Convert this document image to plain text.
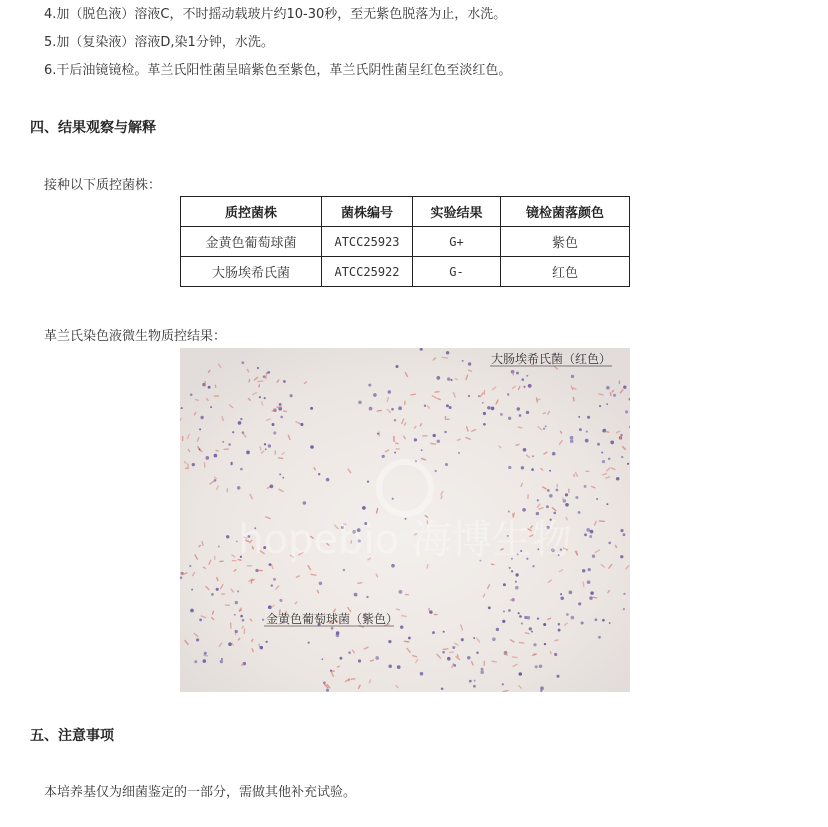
4.加（脱色液）溶液C，不时摇动载玻片约10-30秒，至无紫色脱落为止，水洗。
5.加（复染液）溶液D,染1分钟，水洗。
6.干后油镜镜检。革兰氏阳性菌呈暗紫色至紫色，革兰氏阴性菌呈红色至淡红色。
四、结果观察与解释
接种以下质控菌株：
质控菌株	菌株编号	实验结果	镜检菌落颜色
金黄色葡萄球菌	ATCC25923	G+	紫色
大肠埃希氏菌	ATCC25922	G-	红色
革兰氏染色液微生物质控结果：
hopebio 海博生物
大肠埃希氏菌（红色）
金黄色葡萄球菌（紫色）
五、注意事项
本培养基仅为细菌鉴定的一部分，需做其他补充试验。
